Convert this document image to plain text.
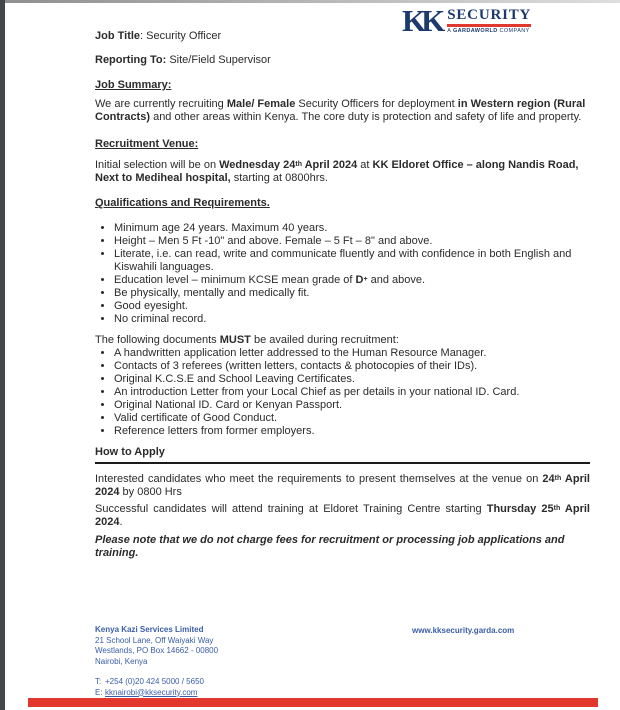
KK SECURITY
A GARDAWORLD COMPANY

Job Title: Security Officer

Reporting To: Site/Field Supervisor

Job Summary:

We are currently recruiting Male/ Female Security Officers for deployment in Western region (Rural Contracts) and other areas within Kenya. The core duty is protection and safety of life and property.

Recruitment Venue:

Initial selection will be on Wednesday 24th April 2024 at KK Eldoret Office – along Nandis Road, Next to Mediheal hospital, starting at 0800hrs.

Qualifications and Requirements.

• Minimum age 24 years. Maximum 40 years.
• Height – Men 5 Ft -10" and above. Female – 5 Ft – 8" and above.
• Literate, i.e. can read, write and communicate fluently and with confidence in both English and Kiswahili languages.
• Education level – minimum KCSE mean grade of D+ and above.
• Be physically, mentally and medically fit.
• Good eyesight.
• No criminal record.

The following documents MUST be availed during recruitment:

• A handwritten application letter addressed to the Human Resource Manager.
• Contacts of 3 referees (written letters, contacts & photocopies of their IDs).
• Original K.C.S.E and School Leaving Certificates.
• An introduction Letter from your Local Chief as per details in your national ID. Card.
• Original National ID. Card or Kenyan Passport.
• Valid certificate of Good Conduct.
• Reference letters from former employers.

How to Apply

Interested candidates who meet the requirements to present themselves at the venue on 24th April 2024 by 0800 Hrs

Successful candidates will attend training at Eldoret Training Centre starting Thursday 25th April 2024.

Please note that we do not charge fees for recruitment or processing job applications and training.

Kenya Kazi Services Limited
21 School Lane, Off Waiyaki Way
Westlands, PO Box 14662 - 00800
Nairobi, Kenya
T: +254 (0)20 424 5000 / 5650
E: kknairobi@kksecurity.com
www.kksecurity.garda.com
